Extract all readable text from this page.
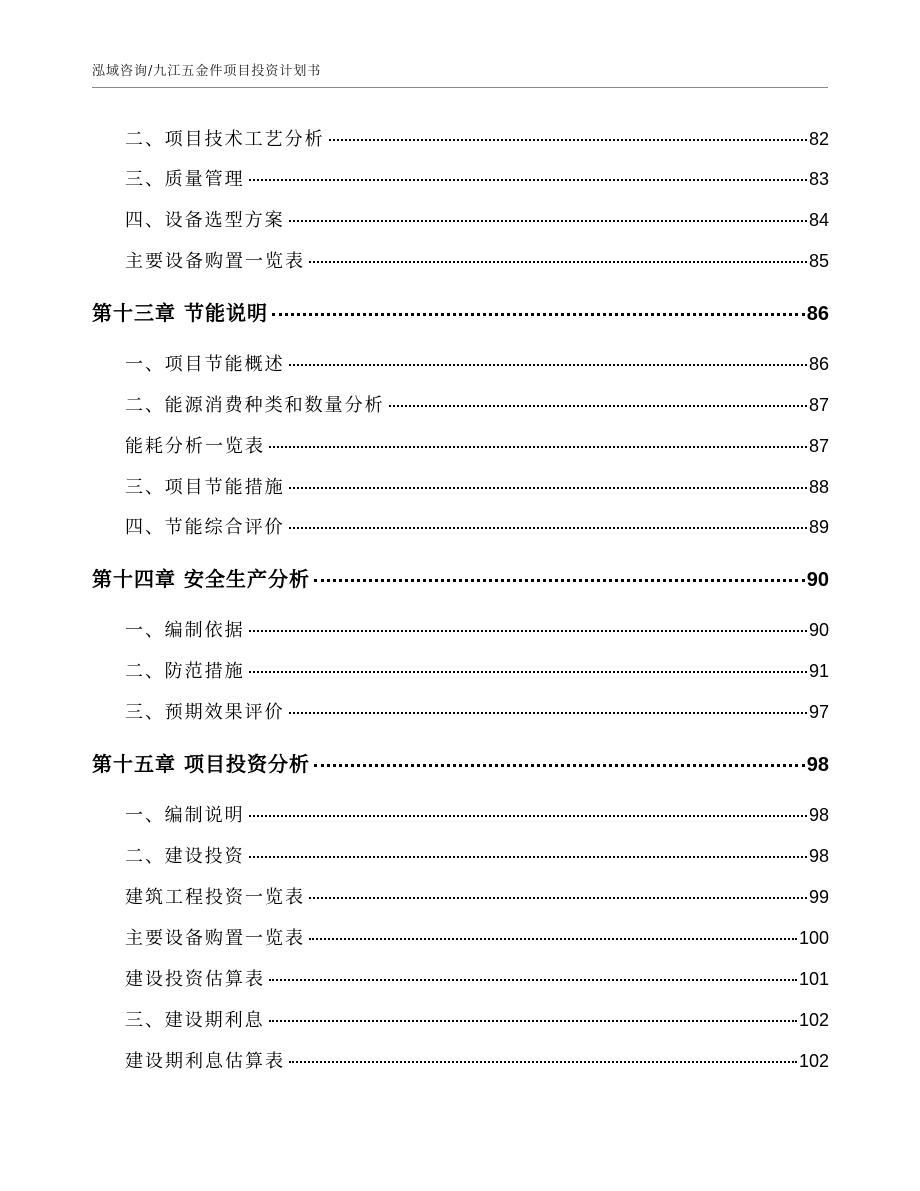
泓域咨询/九江五金件项目投资计划书
二、项目技术工艺分析	82
三、质量管理	83
四、设备选型方案	84
主要设备购置一览表	85
第十三章 节能说明	86
一、项目节能概述	86
二、能源消费种类和数量分析	87
能耗分析一览表	87
三、项目节能措施	88
四、节能综合评价	89
第十四章 安全生产分析	90
一、编制依据	90
二、防范措施	91
三、预期效果评价	97
第十五章 项目投资分析	98
一、编制说明	98
二、建设投资	98
建筑工程投资一览表	99
主要设备购置一览表	100
建设投资估算表	101
三、建设期利息	102
建设期利息估算表	102
